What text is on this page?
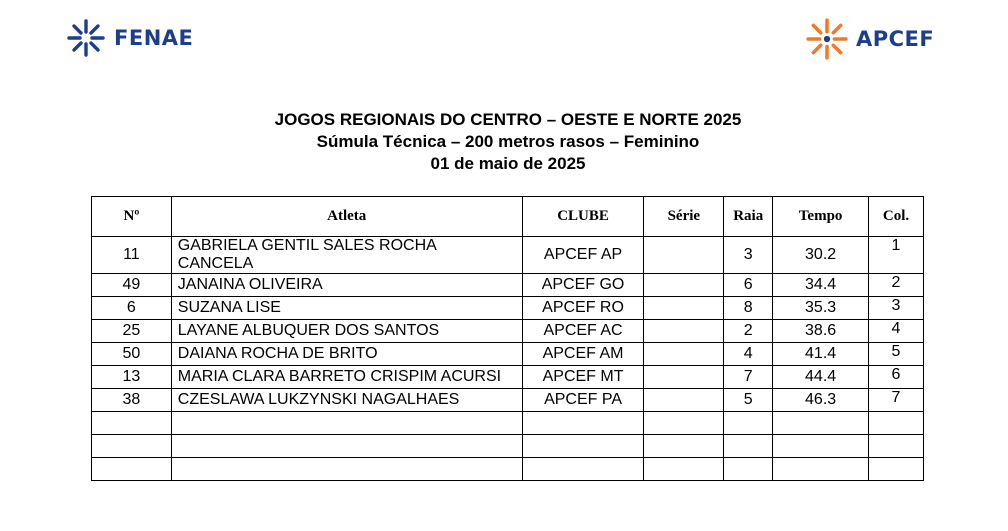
FENAE	APCEF
JOGOS REGIONAIS DO CENTRO – OESTE E NORTE 2025
Súmula Técnica – 200 metros rasos – Feminino
01 de maio de 2025
Nº	Atleta	CLUBE	Série	Raia	Tempo	Col.
11	GABRIELA GENTIL SALES ROCHA CANCELA	APCEF AP		3	30.2	1
49	JANAINA OLIVEIRA	APCEF GO		6	34.4	2
6	SUZANA LISE	APCEF RO		8	35.3	3
25	LAYANE ALBUQUER DOS SANTOS	APCEF AC		2	38.6	4
50	DAIANA ROCHA DE BRITO	APCEF AM		4	41.4	5
13	MARIA CLARA BARRETO CRISPIM ACURSI	APCEF MT		7	44.4	6
38	CZESLAWA LUKZYNSKI NAGALHAES	APCEF PA		5	46.3	7
